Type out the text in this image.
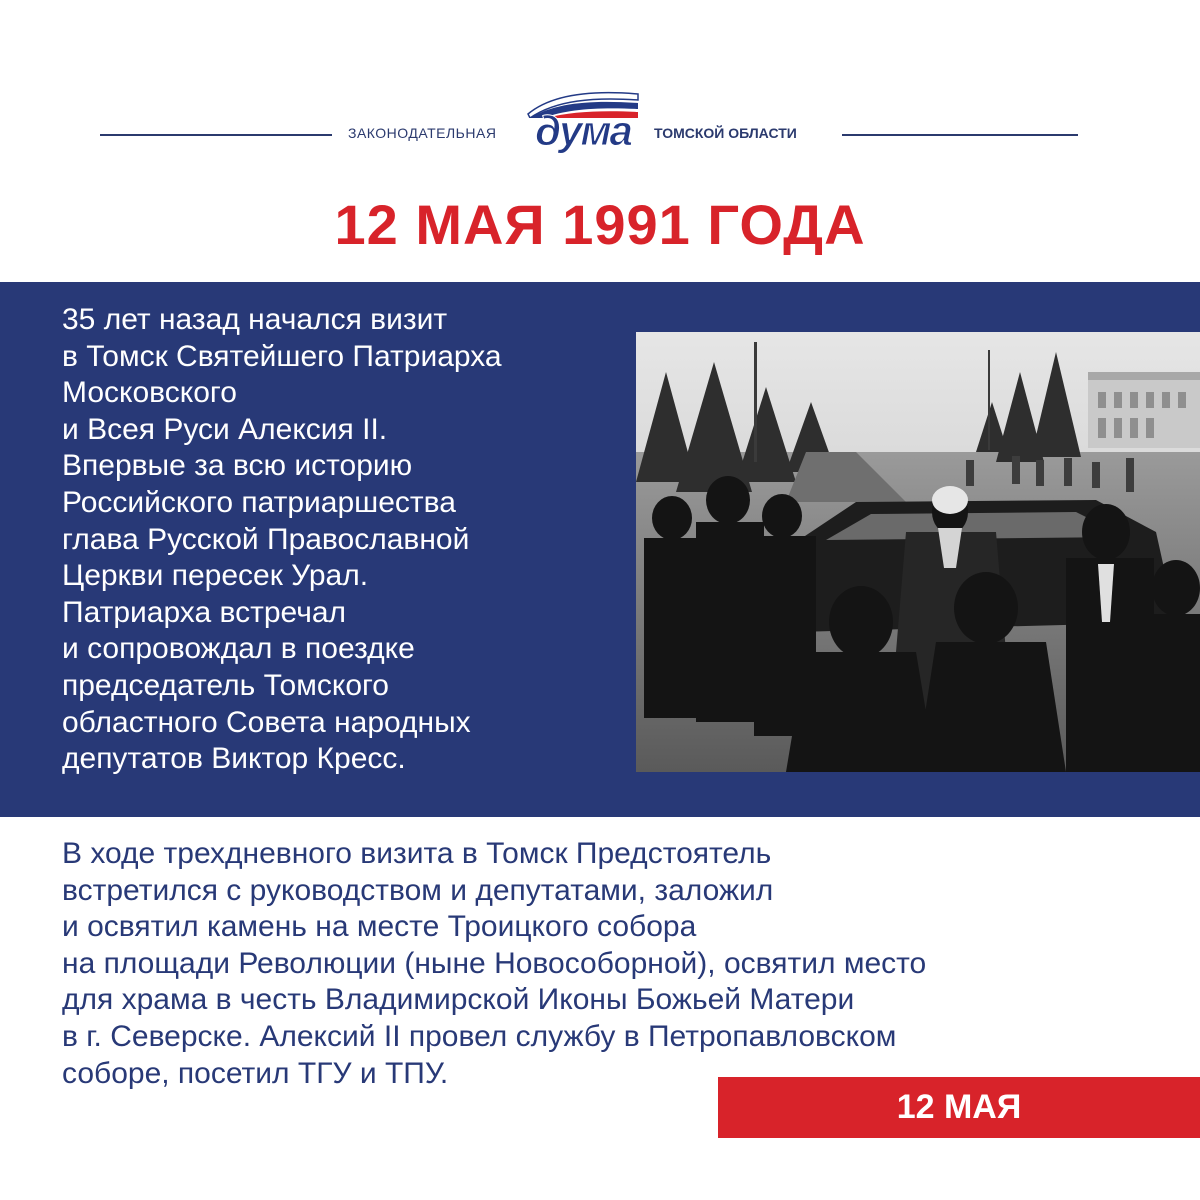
ЗАКОНОДАТЕЛЬНАЯ дума	ТОМСКОЙ ОБЛАСТИ
12 МАЯ 1991 ГОДА
35 лет назад начался визит
в Томск Святейшего Патриарха
Московского
и Всея Руси Алексия II.
Впервые за всю историю
Российского патриаршества
глава Русской Православной
Церкви пересек Урал.
Патриарха встречал
и сопровождал в поездке
председатель Томского
областного Совета народных
депутатов Виктор Кресс.
В ходе трехдневного визита в Томск Предстоятель
встретился с руководством и депутатами, заложил
и освятил камень на месте Троицкого собора
на площади Революции (ныне Новособорной), освятил место
для храма в честь Владимирской Иконы Божьей Матери
в г. Северске. Алексий II провел службу в Петропавловском
соборе, посетил ТГУ и ТПУ.
12 МАЯ
